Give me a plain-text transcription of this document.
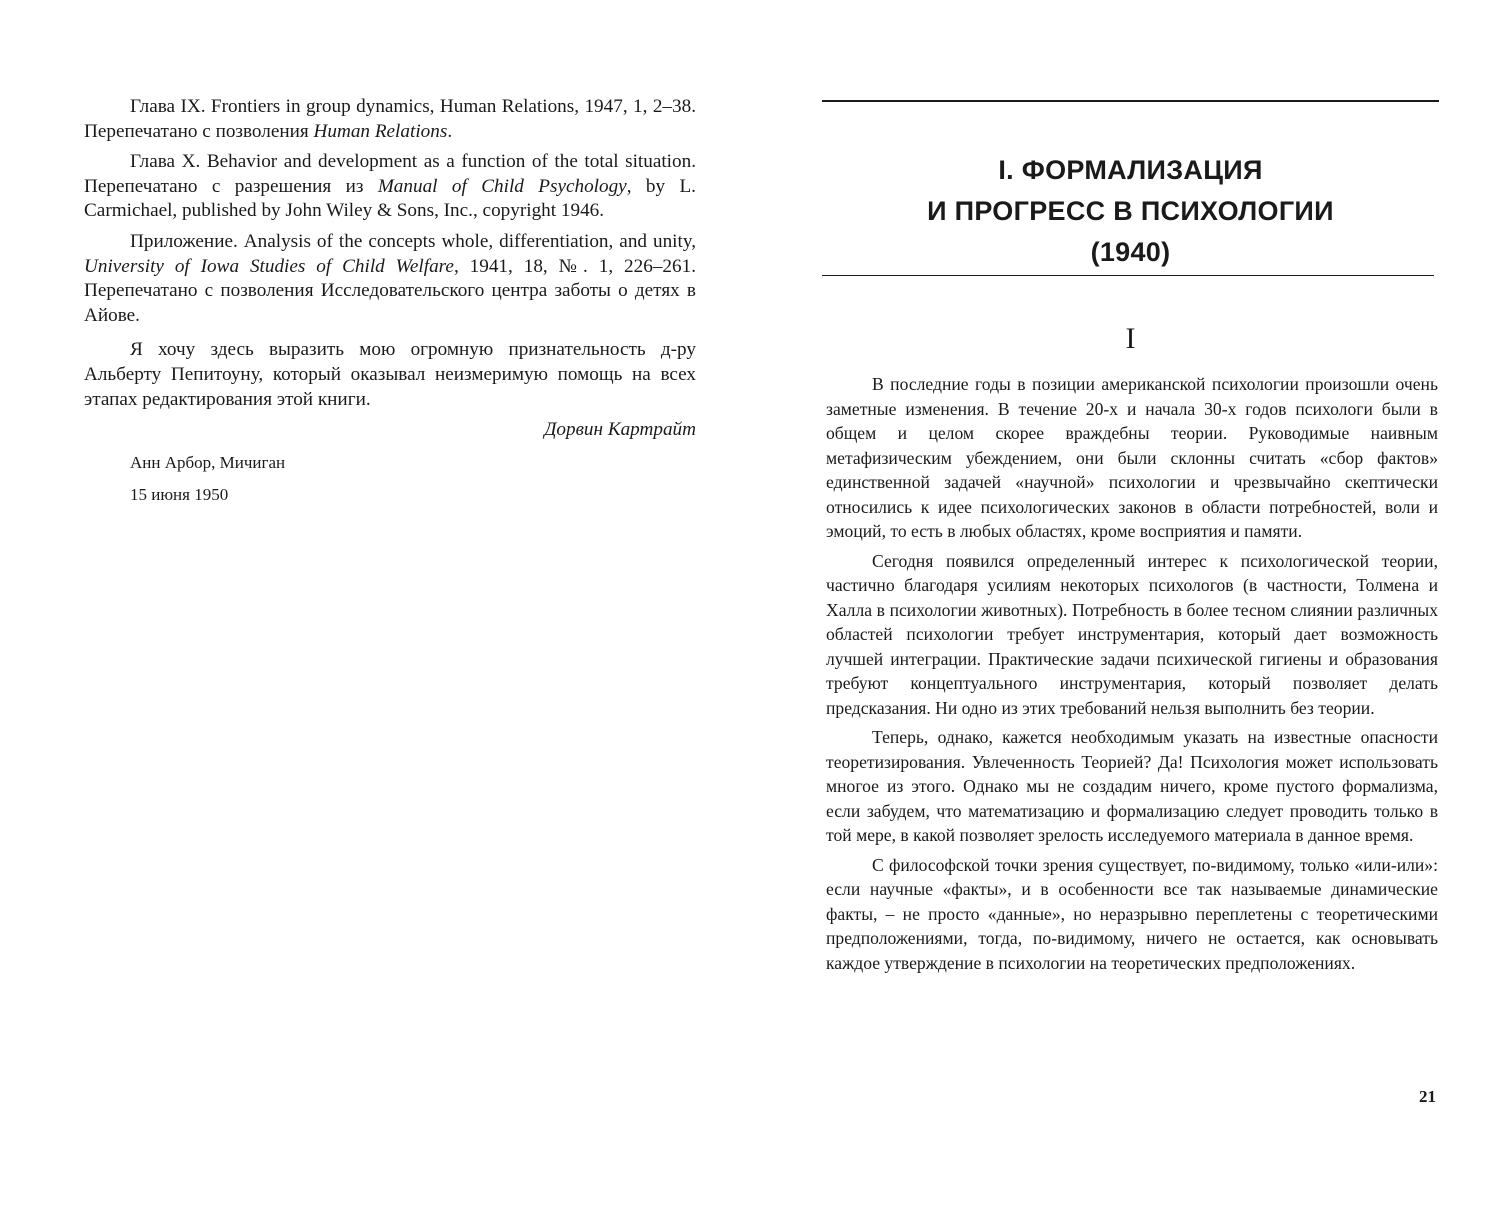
Глава IX. Frontiers in group dynamics, Human Relations, 1947, 1, 2–38. Перепечатано с позволения Human Relations.

Глава X. Behavior and development as a function of the total situation. Перепечатано с разрешения из Manual of Child Psychology, by L. Carmichael, published by John Wiley & Sons, Inc., copyright 1946.

Приложение. Analysis of the concepts whole, differentiation, and unity, University of Iowa Studies of Child Welfare, 1941, 18, №. 1, 226–261. Перепечатано с позволения Исследовательского центра заботы о детях в Айове.

Я хочу здесь выразить мою огромную признательность д-ру Альберту Пепитоуну, который оказывал неизмеримую помощь на всех этапах редактирования этой книги.

Дорвин Картрайт

Анн Арбор, Мичиган

15 июня 1950

I. ФОРМАЛИЗАЦИЯ
И ПРОГРЕСС В ПСИХОЛОГИИ
(1940)
I

В последние годы в позиции американской психологии произошли очень заметные изменения. В течение 20-х и начала 30-х годов психологи были в общем и целом скорее враждебны теории. Руководимые наивным метафизическим убеждением, они были склонны считать «сбор фактов» единственной задачей «научной» психологии и чрезвычайно скептически относились к идее психологических законов в области потребностей, воли и эмоций, то есть в любых областях, кроме восприятия и памяти.

Сегодня появился определенный интерес к психологической теории, частично благодаря усилиям некоторых психологов (в частности, Толмена и Халла в психологии животных). Потребность в более тесном слиянии различных областей психологии требует инструментария, который дает возможность лучшей интеграции. Практические задачи психической гигиены и образования требуют концептуального инструментария, который позволяет делать предсказания. Ни одно из этих требований нельзя выполнить без теории.

Теперь, однако, кажется необходимым указать на известные опасности теоретизирования. Увлеченность Теорией? Да! Психология может использовать многое из этого. Однако мы не создадим ничего, кроме пустого формализма, если забудем, что математизацию и формализацию следует проводить только в той мере, в какой позволяет зрелость исследуемого материала в данное время.

С философской точки зрения существует, по-видимому, только «или-или»: если научные «факты», и в особенности все так называемые динамические факты, – не просто «данные», но неразрывно переплетены с теоретическими предположениями, тогда, по-видимому, ничего не остается, как основывать каждое утверждение в психологии на теоретических предположениях.

21
